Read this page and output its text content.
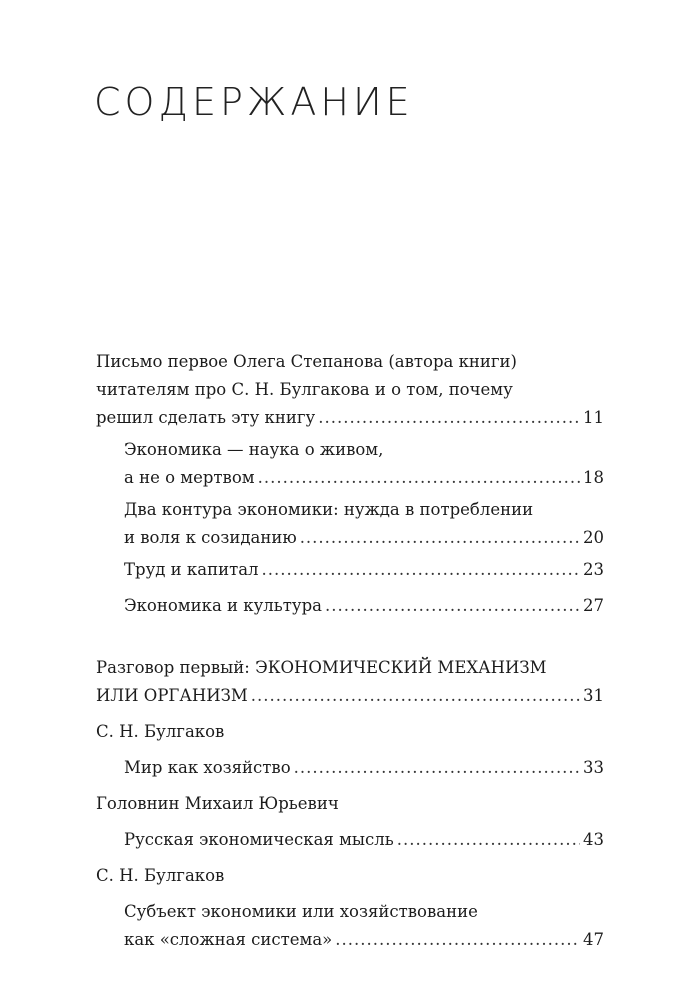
СОДЕРЖАНИЕ
Письмо первое Олега Степанова (автора книги)
читателям про С. Н. Булгакова и о том, почему
решил сделать эту книгу .....	11
Экономика — наука о живом,
а не о мертвом .....	18
Два контура экономики: нужда в потреблении
и воля к созиданию .....	20
Труд и капитал .....	23
Экономика и культура .....	27
Разговор первый: ЭКОНОМИЧЕСКИЙ МЕХАНИЗМ
ИЛИ ОРГАНИЗМ .....	31
С. Н. Булгаков
Мир как хозяйство .....	33
Головнин Михаил Юрьевич
Русская экономическая мысль .....	43
С. Н. Булгаков
Субъект экономики или хозяйствование
как «сложная система» .....	47
